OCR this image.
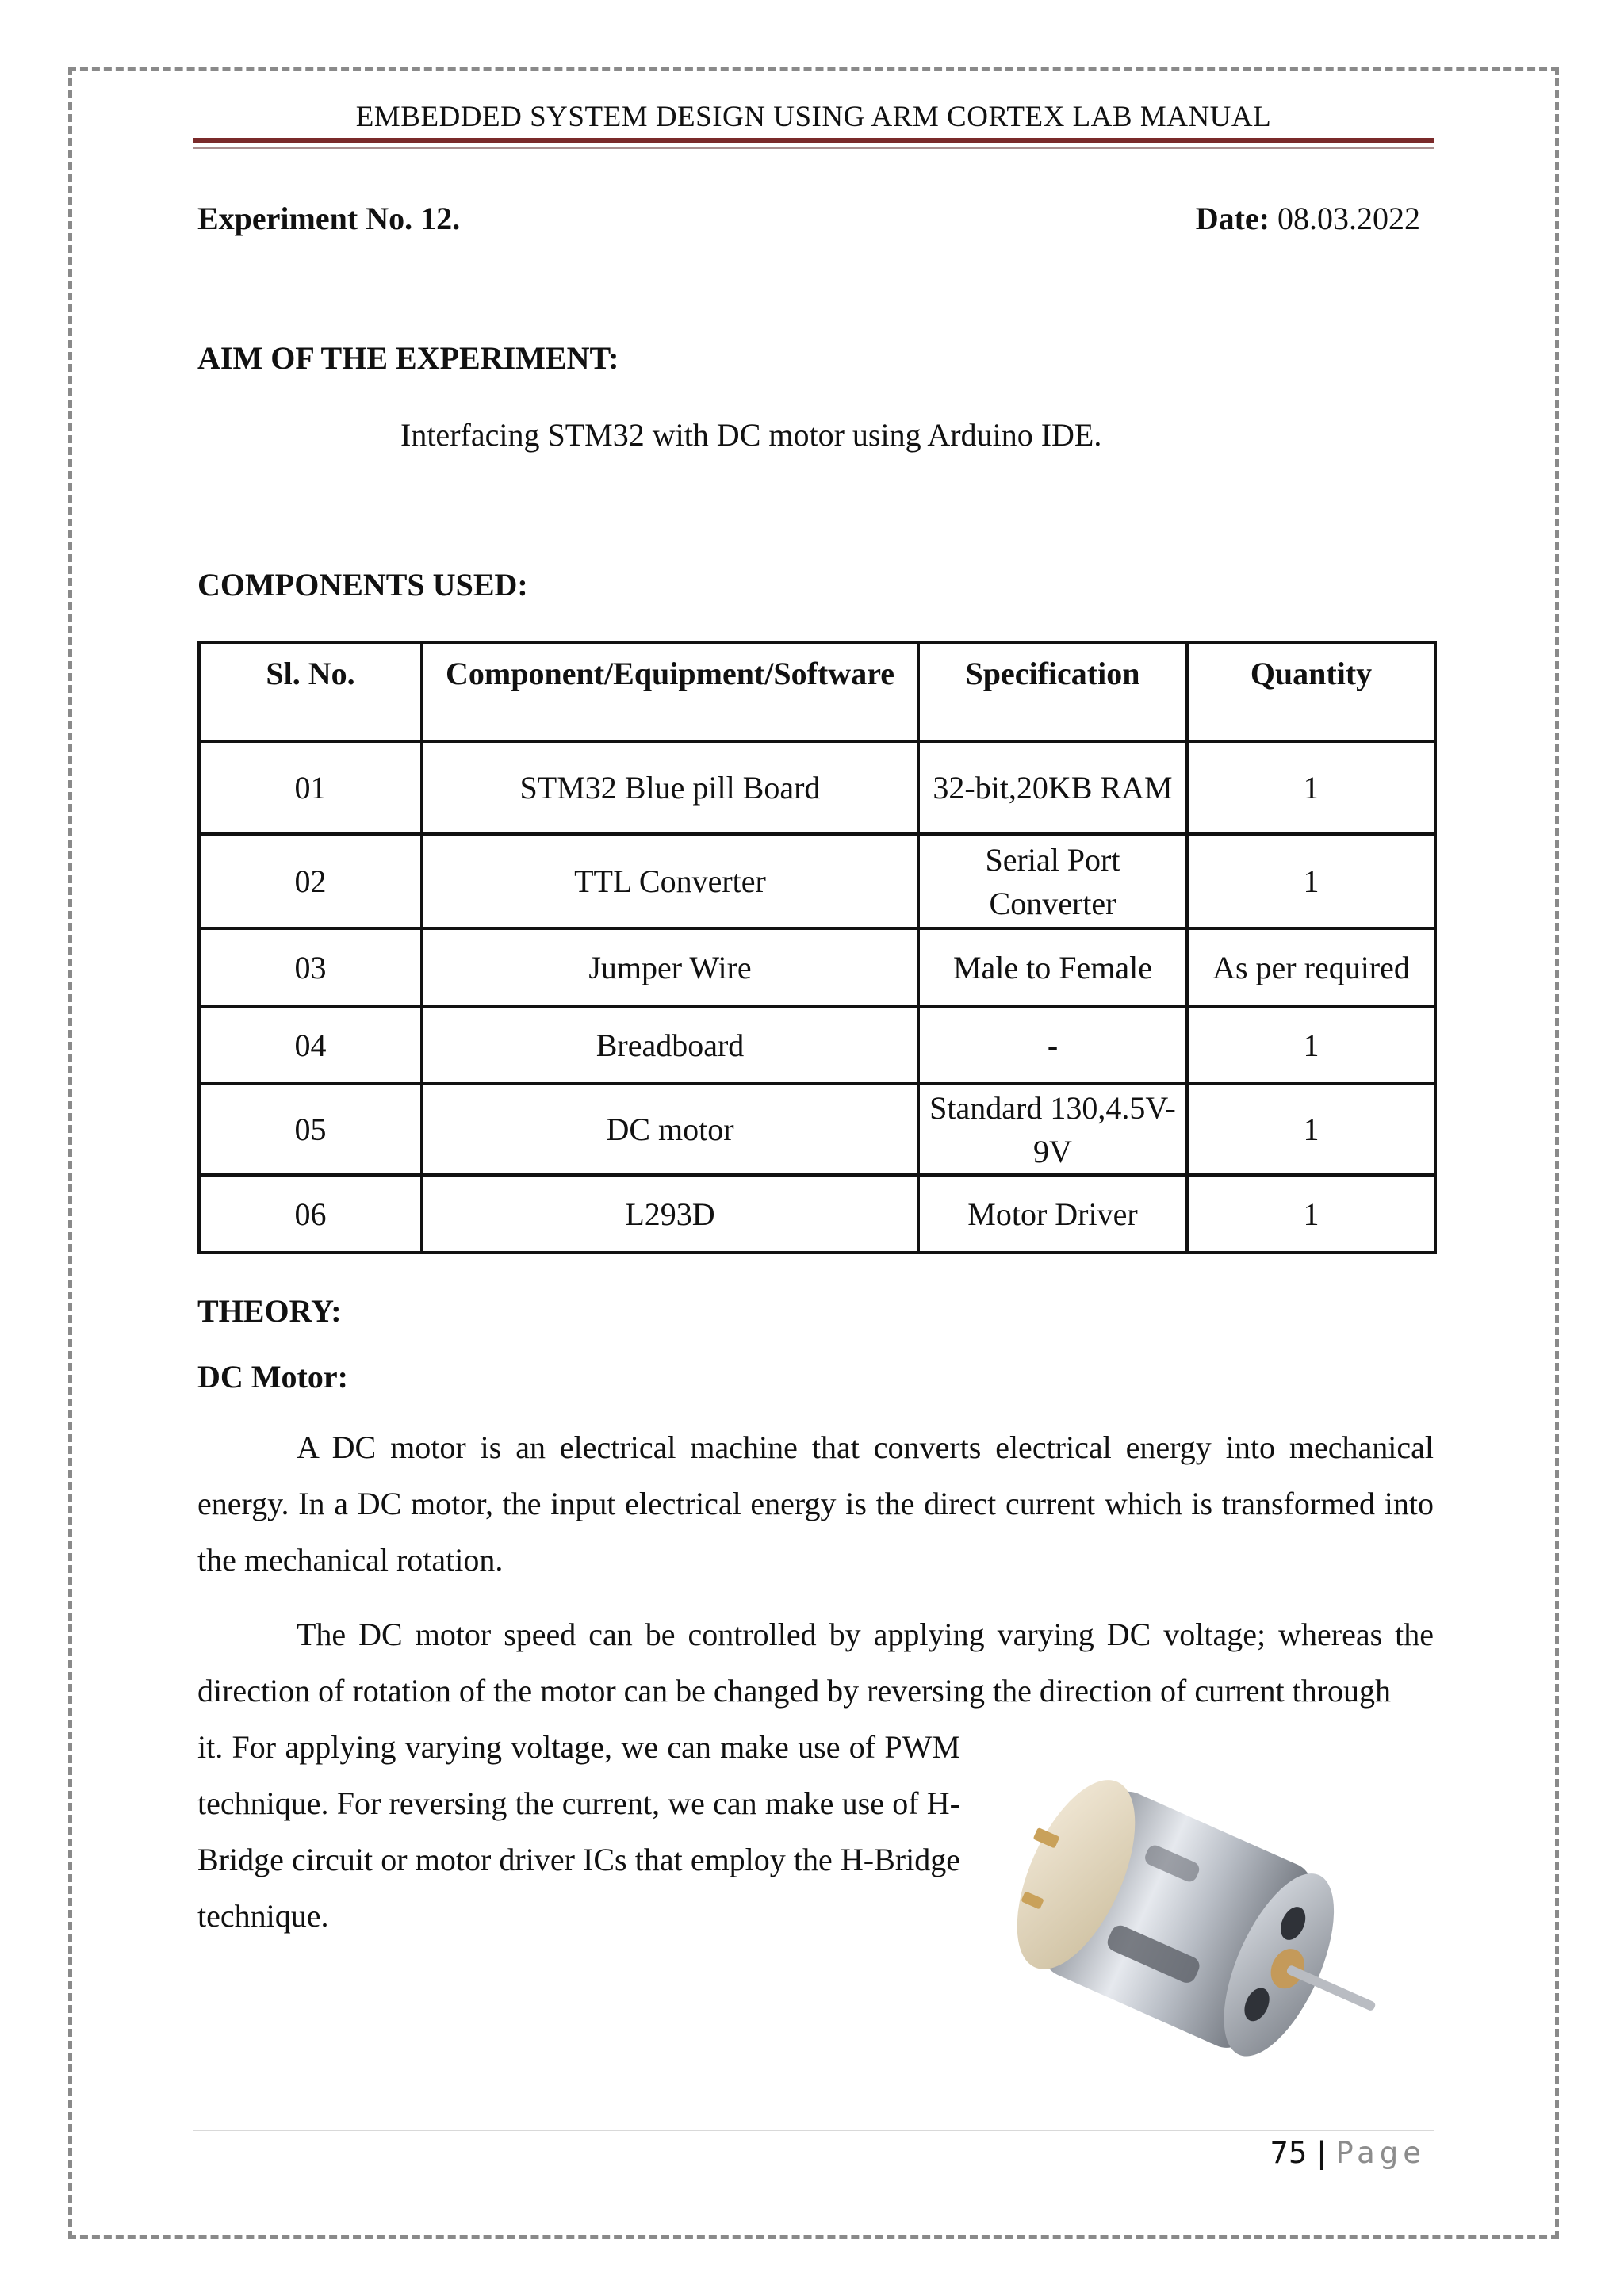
EMBEDDED SYSTEM DESIGN USING ARM CORTEX LAB MANUAL
Experiment No. 12.	Date: 08.03.2022
AIM OF THE EXPERIMENT:
Interfacing STM32 with DC motor using Arduino IDE.
COMPONENTS USED:
Sl. No.	Component/Equipment/Software	Specification	Quantity
01	STM32 Blue pill Board	32-bit,20KB RAM	1
02	TTL Converter	Serial Port Converter	1
03	Jumper Wire	Male to Female	As per required
04	Breadboard	-	1
05	DC motor	Standard 130,4.5V-9V	1
06	L293D	Motor Driver	1
THEORY:
DC Motor:
A DC motor is an electrical machine that converts electrical energy into mechanical energy. In a DC motor, the input electrical energy is the direct current which is transformed into the mechanical rotation.
The DC motor speed can be controlled by applying varying DC voltage; whereas the direction of rotation of the motor can be changed by reversing the direction of current through
it. For applying varying voltage, we can make use of PWM technique. For reversing the current, we can make use of H-Bridge circuit or motor driver ICs that employ the H-Bridge technique.
75 | Page
